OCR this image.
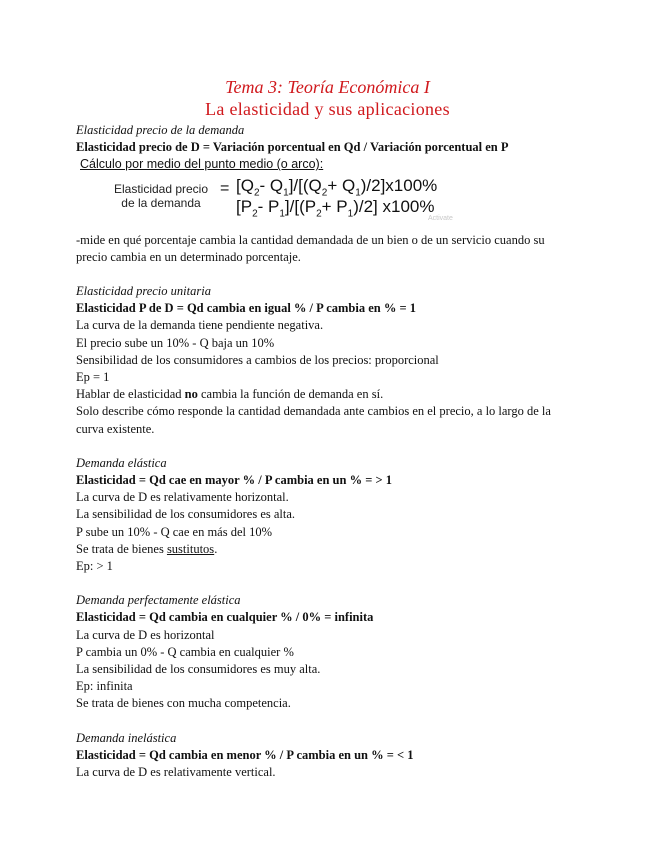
Tema 3: Teoría Económica I
La elasticidad y sus aplicaciones

Elasticidad precio de la demanda

Elasticidad precio de D = Variación porcentual en Qd / Variación porcentual en P

Cálculo por medio del punto medio (o arco):

Elasticidad precio
de la demanda
= [$Q_2-$ $Q_1]/[(Q_2+ Q_1)/2]x100\%$
[$P_2-$ $P_1]/[(P_2+ P_1)/2]$ x100%
Activate

-mide en qué porcentaje cambia la cantidad demandada de un bien o de un servicio cuando su

precio cambia en un determinado porcentaje.

Elasticidad precio unitaria

Elasticidad P de D = Qd cambia en igual % / P cambia en % = 1

La curva de la demanda tiene pendiente negativa.

El precio sube un 10% - Q baja un 10%

Sensibilidad de los consumidores a cambios de los precios: proporcional

Ep = 1

Hablar de elasticidad no cambia la función de demanda en sí.

Solo describe cómo responde la cantidad demandada ante cambios en el precio, a lo largo de la

curva existente.

Demanda elástica

Elasticidad = Qd cae en mayor % / P cambia en un % = > 1

La curva de D es relativamente horizontal.

La sensibilidad de los consumidores es alta.

P sube un 10% - Q cae en más del 10%

Se trata de bienes sustitutos.

Ep: > 1

Demanda perfectamente elástica

Elasticidad = Qd cambia en cualquier % / 0% = infinita

La curva de D es horizontal

P cambia un 0% - Q cambia en cualquier %

La sensibilidad de los consumidores es muy alta.

Ep: infinita

Se trata de bienes con mucha competencia.

Demanda inelástica

Elasticidad = Qd cambia en menor % / P cambia en un % = < 1

La curva de D es relativamente vertical.
